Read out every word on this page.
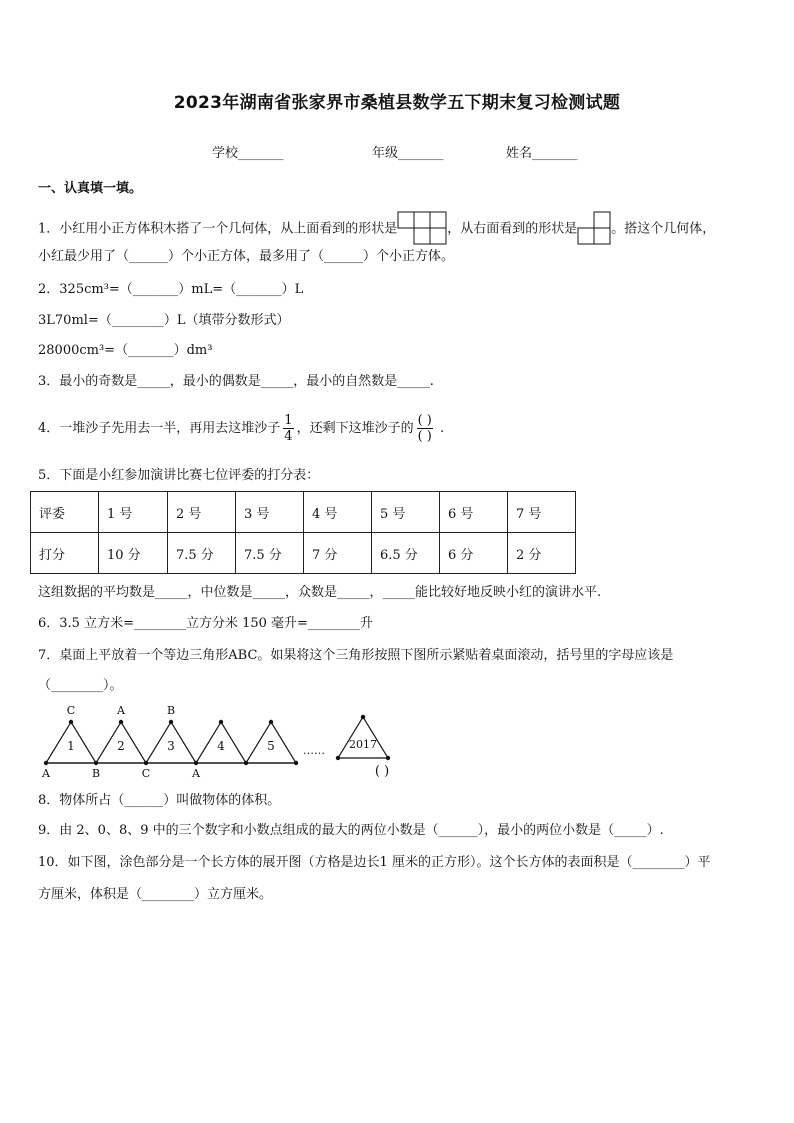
2023年湖南省张家界市桑植县数学五下期末复习检测试题
学校_______	年级_______	姓名_______
一、认真填一填。
1．小红用小正方体积木搭了一个几何体，从上面看到的形状是	，从右面看到的形状是	。搭这个几何体，
小红最少用了（______）个小正方体，最多用了（______）个小正方体。
2．325cm³=（_______）mL=（_______）L
3L70ml=（________）L（填带分数形式）
28000cm³=（_______）dm³
3．最小的奇数是_____，最小的偶数是_____，最小的自然数是_____.
4．一堆沙子先用去一半，再用去这堆沙子 $\frac{1}{4}$ ，还剩下这堆沙子的 $\frac{( )}{( )}$ .
5．下面是小红参加演讲比赛七位评委的打分表：
评委	1 号	2 号	3 号	4 号	5 号	6 号	7 号
打分	10 分	7.5 分	7.5 分	7 分	6.5 分	6 分	2 分
这组数据的平均数是_____，中位数是_____，众数是_____，_____能比较好地反映小红的演讲水平.
6．3.5 立方米=________立方分米 150 毫升=________升
7．桌面上平放着一个等边三角形ABC。如果将这个三角形按照下图所示紧贴着桌面滚动，括号里的字母应该是
（________）。
1	2	3	4	5	2017
C	A	B
A	B	C	A
……
( )
8．物体所占（______）叫做物体的体积。
9．由 2、0、8、9 中的三个数字和小数点组成的最大的两位小数是（______），最小的两位小数是（_____）.
10．如下图，涂色部分是一个长方体的展开图（方格是边长1 厘米的正方形）。这个长方体的表面积是（________）平
方厘米，体积是（________）立方厘米。
